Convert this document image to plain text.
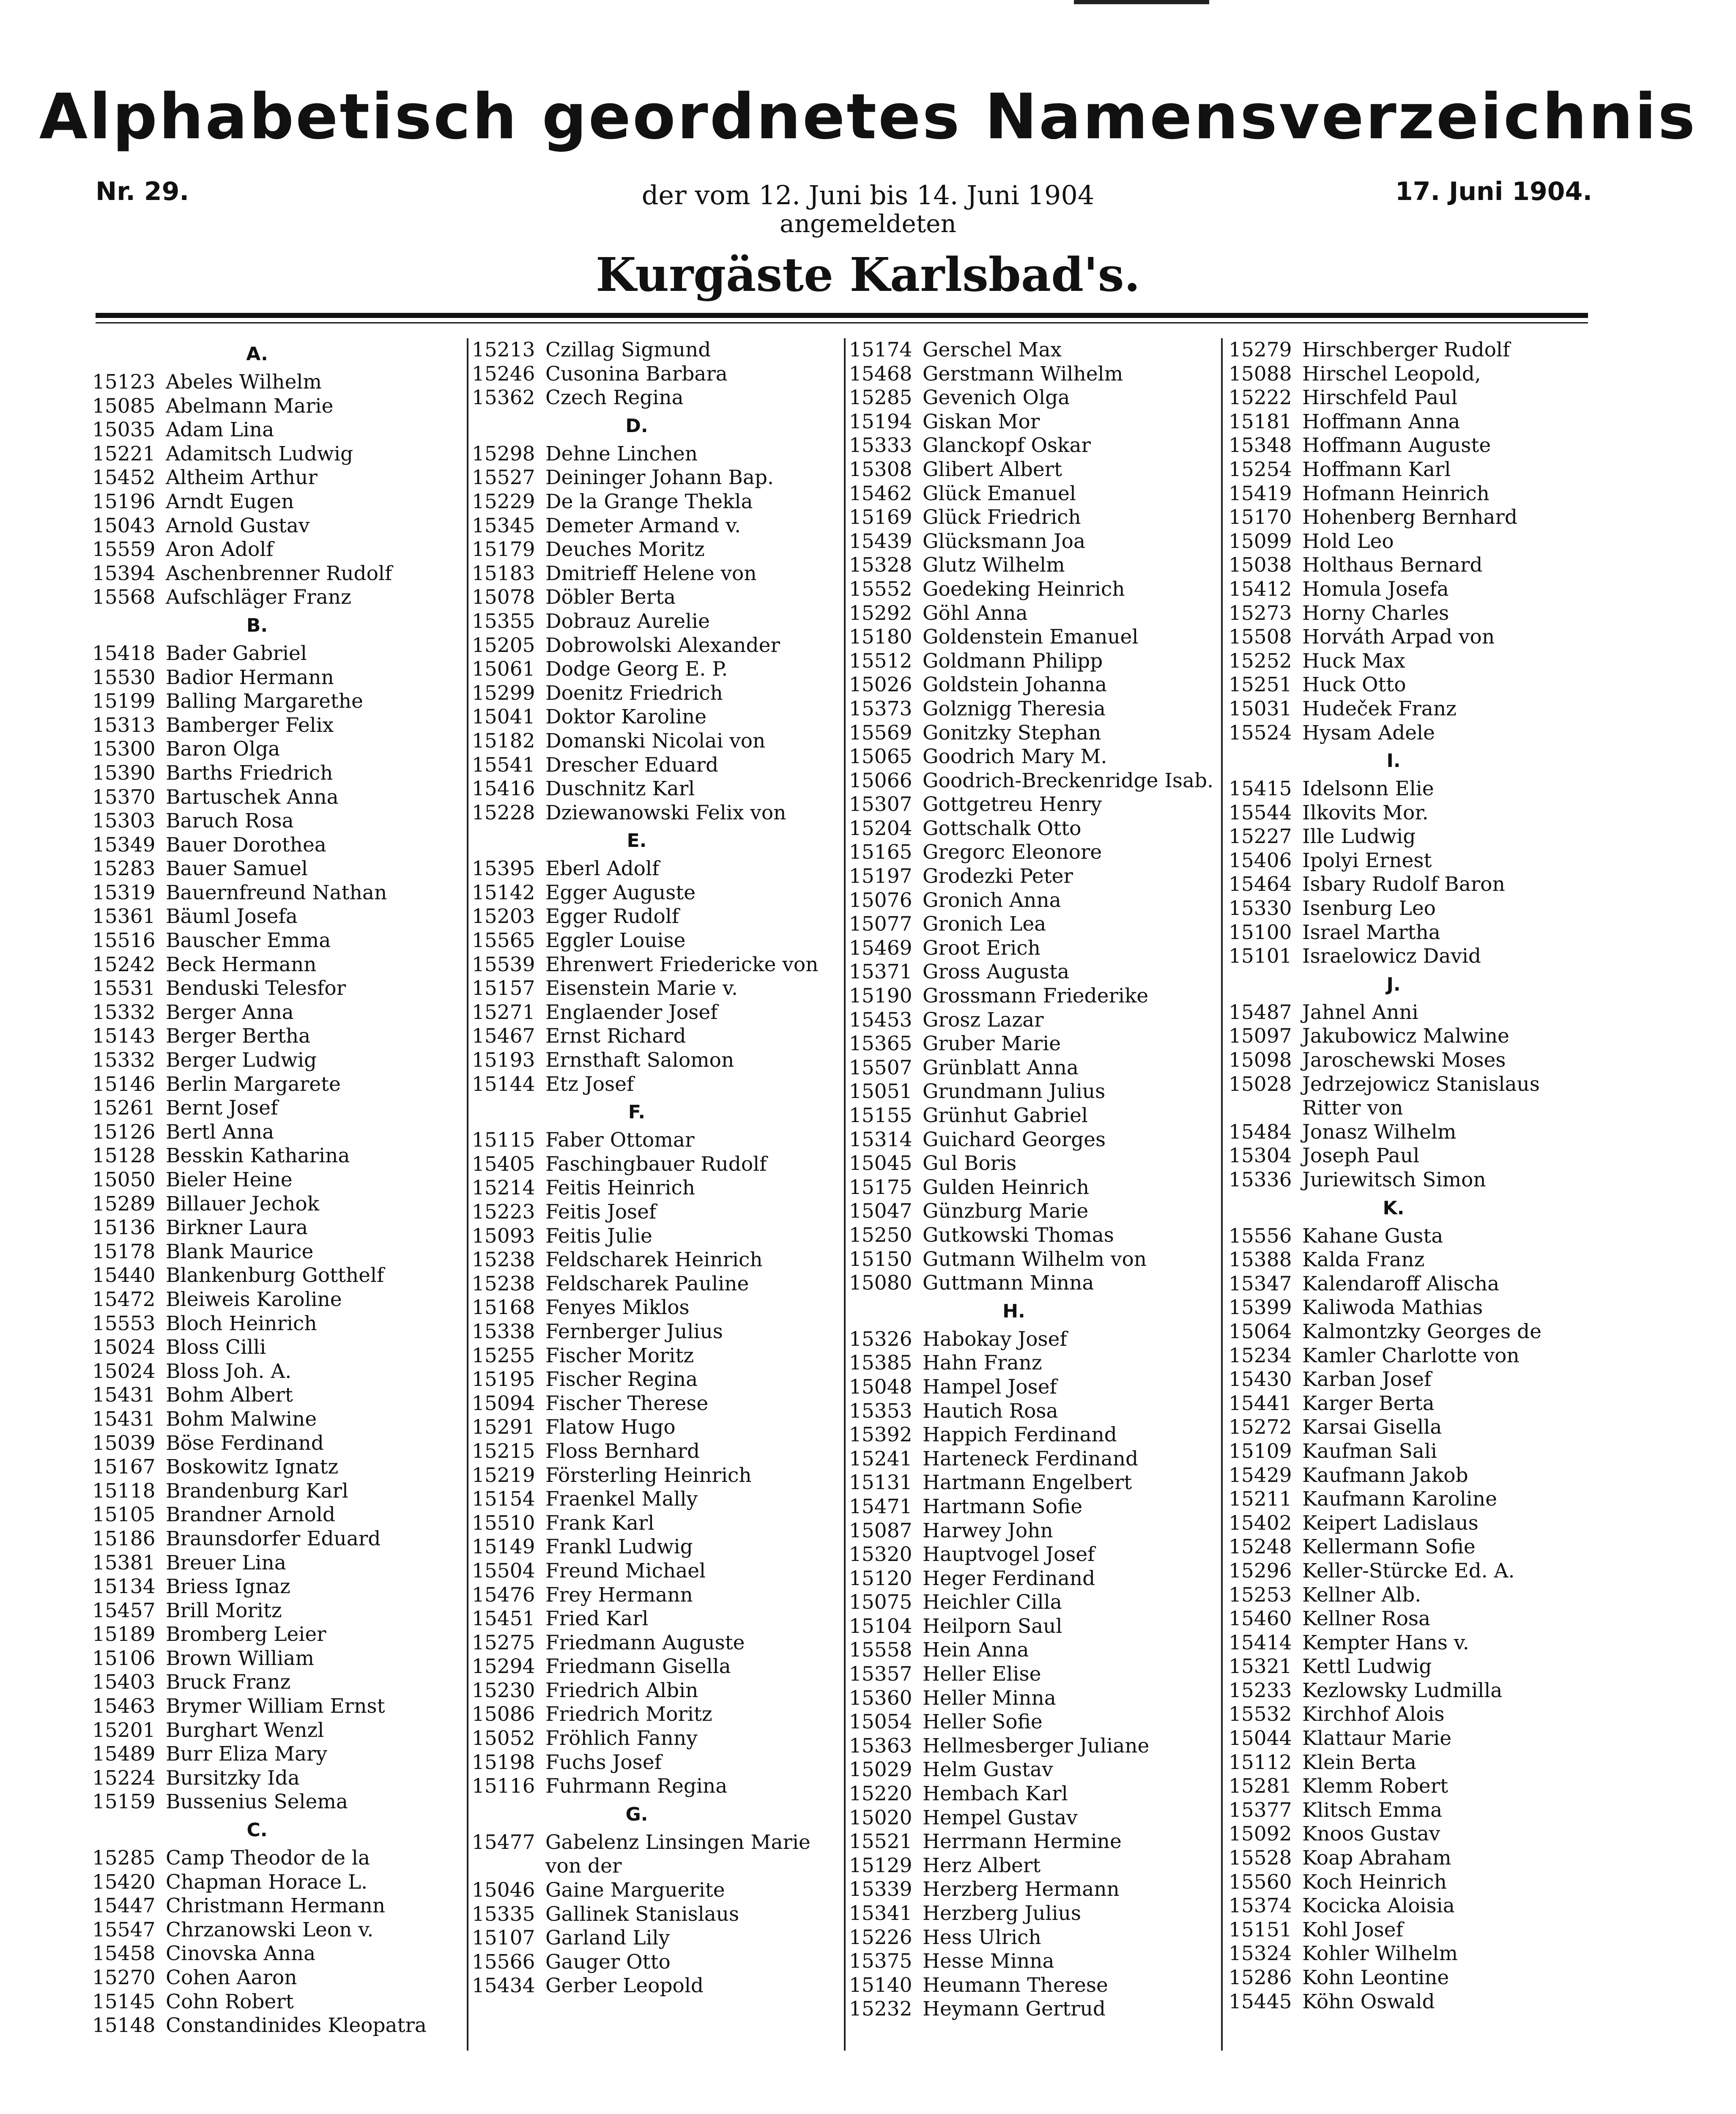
Alphabetisch geordnetes Namensverzeichnis
Nr. 29.	17. Juni 1904.
der vom 12. Juni bis 14. Juni 1904
angemeldeten
Kurgäste Karlsbad's.
A.
15123 Abeles Wilhelm
15085 Abelmann Marie
15035 Adam Lina
15221 Adamitsch Ludwig
15452 Altheim Arthur
15196 Arndt Eugen
15043 Arnold Gustav
15559 Aron Adolf
15394 Aschenbrenner Rudolf
15568 Aufschläger Franz
B.
15418 Bader Gabriel
15530 Badior Hermann
15199 Balling Margarethe
15313 Bamberger Felix
15300 Baron Olga
15390 Barths Friedrich
15370 Bartuschek Anna
15303 Baruch Rosa
15349 Bauer Dorothea
15283 Bauer Samuel
15319 Bauernfreund Nathan
15361 Bäuml Josefa
15516 Bauscher Emma
15242 Beck Hermann
15531 Benduski Telesfor
15332 Berger Anna
15143 Berger Bertha
15332 Berger Ludwig
15146 Berlin Margarete
15261 Bernt Josef
15126 Bertl Anna
15128 Besskin Katharina
15050 Bieler Heine
15289 Billauer Jechok
15136 Birkner Laura
15178 Blank Maurice
15440 Blankenburg Gotthelf
15472 Bleiweis Karoline
15553 Bloch Heinrich
15024 Bloss Cilli
15024 Bloss Joh. A.
15431 Bohm Albert
15431 Bohm Malwine
15039 Böse Ferdinand
15167 Boskowitz Ignatz
15118 Brandenburg Karl
15105 Brandner Arnold
15186 Braunsdorfer Eduard
15381 Breuer Lina
15134 Briess Ignaz
15457 Brill Moritz
15189 Bromberg Leier
15106 Brown William
15403 Bruck Franz
15463 Brymer William Ernst
15201 Burghart Wenzl
15489 Burr Eliza Mary
15224 Bursitzky Ida
15159 Bussenius Selema
C.
15285 Camp Theodor de la
15420 Chapman Horace L.
15447 Christmann Hermann
15547 Chrzanowski Leon v.
15458 Cinovska Anna
15270 Cohen Aaron
15145 Cohn Robert
15148 Constandinides Kleopatra
15213 Czillag Sigmund
15246 Cusonina Barbara
15362 Czech Regina
D.
15298 Dehne Linchen
15527 Deininger Johann Bap.
15229 De la Grange Thekla
15345 Demeter Armand v.
15179 Deuches Moritz
15183 Dmitrieff Helene von
15078 Döbler Berta
15355 Dobrauz Aurelie
15205 Dobrowolski Alexander
15061 Dodge Georg E. P.
15299 Doenitz Friedrich
15041 Doktor Karoline
15182 Domanski Nicolai von
15541 Drescher Eduard
15416 Duschnitz Karl
15228 Dziewanowski Felix von
E.
15395 Eberl Adolf
15142 Egger Auguste
15203 Egger Rudolf
15565 Eggler Louise
15539 Ehrenwert Friedericke von
15157 Eisenstein Marie v.
15271 Englaender Josef
15467 Ernst Richard
15193 Ernsthaft Salomon
15144 Etz Josef
F.
15115 Faber Ottomar
15405 Faschingbauer Rudolf
15214 Feitis Heinrich
15223 Feitis Josef
15093 Feitis Julie
15238 Feldscharek Heinrich
15238 Feldscharek Pauline
15168 Fenyes Miklos
15338 Fernberger Julius
15255 Fischer Moritz
15195 Fischer Regina
15094 Fischer Therese
15291 Flatow Hugo
15215 Floss Bernhard
15219 Försterling Heinrich
15154 Fraenkel Mally
15510 Frank Karl
15149 Frankl Ludwig
15504 Freund Michael
15476 Frey Hermann
15451 Fried Karl
15275 Friedmann Auguste
15294 Friedmann Gisella
15230 Friedrich Albin
15086 Friedrich Moritz
15052 Fröhlich Fanny
15198 Fuchs Josef
15116 Fuhrmann Regina
G.
15477 Gabelenz Linsingen Marie
von der
15046 Gaine Marguerite
15335 Gallinek Stanislaus
15107 Garland Lily
15566 Gauger Otto
15434 Gerber Leopold
15174 Gerschel Max
15468 Gerstmann Wilhelm
15285 Gevenich Olga
15194 Giskan Mor
15333 Glanckopf Oskar
15308 Glibert Albert
15462 Glück Emanuel
15169 Glück Friedrich
15439 Glücksmann Joa
15328 Glutz Wilhelm
15552 Goedeking Heinrich
15292 Göhl Anna
15180 Goldenstein Emanuel
15512 Goldmann Philipp
15026 Goldstein Johanna
15373 Golznigg Theresia
15569 Gonitzky Stephan
15065 Goodrich Mary M.
15066 Goodrich-Breckenridge Isab.
15307 Gottgetreu Henry
15204 Gottschalk Otto
15165 Gregorc Eleonore
15197 Grodezki Peter
15076 Gronich Anna
15077 Gronich Lea
15469 Groot Erich
15371 Gross Augusta
15190 Grossmann Friederike
15453 Grosz Lazar
15365 Gruber Marie
15507 Grünblatt Anna
15051 Grundmann Julius
15155 Grünhut Gabriel
15314 Guichard Georges
15045 Gul Boris
15175 Gulden Heinrich
15047 Günzburg Marie
15250 Gutkowski Thomas
15150 Gutmann Wilhelm von
15080 Guttmann Minna
H.
15326 Habokay Josef
15385 Hahn Franz
15048 Hampel Josef
15353 Hautich Rosa
15392 Happich Ferdinand
15241 Harteneck Ferdinand
15131 Hartmann Engelbert
15471 Hartmann Sofie
15087 Harwey John
15320 Hauptvogel Josef
15120 Heger Ferdinand
15075 Heichler Cilla
15104 Heilporn Saul
15558 Hein Anna
15357 Heller Elise
15360 Heller Minna
15054 Heller Sofie
15363 Hellmesberger Juliane
15029 Helm Gustav
15220 Hembach Karl
15020 Hempel Gustav
15521 Herrmann Hermine
15129 Herz Albert
15339 Herzberg Hermann
15341 Herzberg Julius
15226 Hess Ulrich
15375 Hesse Minna
15140 Heumann Therese
15232 Heymann Gertrud
15279 Hirschberger Rudolf
15088 Hirschel Leopold,
15222 Hirschfeld Paul
15181 Hoffmann Anna
15348 Hoffmann Auguste
15254 Hoffmann Karl
15419 Hofmann Heinrich
15170 Hohenberg Bernhard
15099 Hold Leo
15038 Holthaus Bernard
15412 Homula Josefa
15273 Horny Charles
15508 Horváth Arpad von
15252 Huck Max
15251 Huck Otto
15031 Hudeček Franz
15524 Hysam Adele
I.
15415 Idelsonn Elie
15544 Ilkovits Mor.
15227 Ille Ludwig
15406 Ipolyi Ernest
15464 Isbary Rudolf Baron
15330 Isenburg Leo
15100 Israel Martha
15101 Israelowicz David
J.
15487 Jahnel Anni
15097 Jakubowicz Malwine
15098 Jaroschewski Moses
15028 Jedrzejowicz Stanislaus
Ritter von
15484 Jonasz Wilhelm
15304 Joseph Paul
15336 Juriewitsch Simon
K.
15556 Kahane Gusta
15388 Kalda Franz
15347 Kalendaroff Alischa
15399 Kaliwoda Mathias
15064 Kalmontzky Georges de
15234 Kamler Charlotte von
15430 Karban Josef
15441 Karger Berta
15272 Karsai Gisella
15109 Kaufman Sali
15429 Kaufmann Jakob
15211 Kaufmann Karoline
15402 Keipert Ladislaus
15248 Kellermann Sofie
15296 Keller-Stürcke Ed. A.
15253 Kellner Alb.
15460 Kellner Rosa
15414 Kempter Hans v.
15321 Kettl Ludwig
15233 Kezlowsky Ludmilla
15532 Kirchhof Alois
15044 Klattaur Marie
15112 Klein Berta
15281 Klemm Robert
15377 Klitsch Emma
15092 Knoos Gustav
15528 Koap Abraham
15560 Koch Heinrich
15374 Kocicka Aloisia
15151 Kohl Josef
15324 Kohler Wilhelm
15286 Kohn Leontine
15445 Köhn Oswald
